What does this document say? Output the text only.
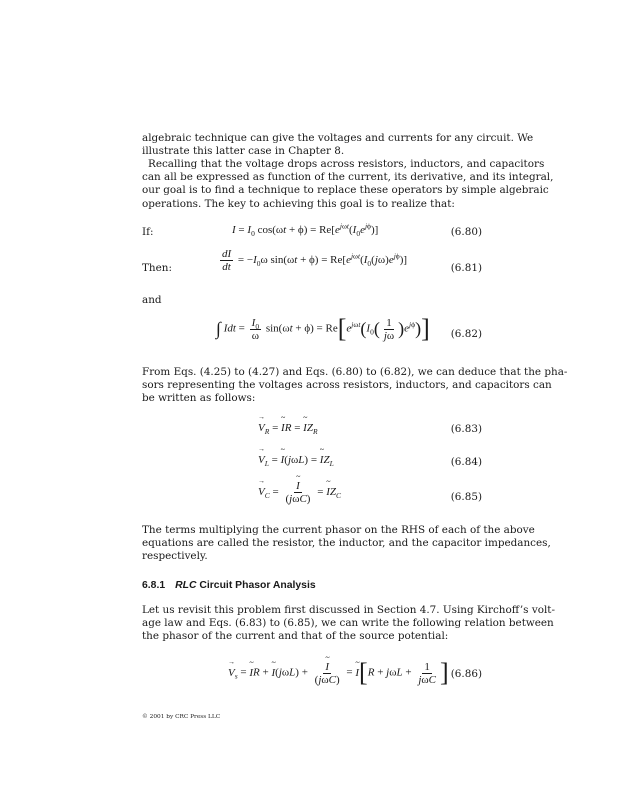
algebraic technique can give the voltages and currents for any circuit. We
illustrate this latter case in Chapter 8.

Recalling that the voltage drops across resistors, inductors, and capacitors
can all be expressed as function of the current, its derivative, and its integral,
our goal is to find a technique to replace these operators by simple algebraic
operations. The key to achieving this goal is to realize that:

If:	$I = I_0$ $\cos(\omega t + \phi) = Re[e^{j\omega t}(I_0e^{j\phi})]$	(6.80)
Then:	$\frac{dI}{dt} = -I_0\omega$ $\sin(\omega t + \phi) = Re[e^{j\omega t}(I_0(j\omega)e^{j\phi})]$
(6.81)
and
∫ Idt = $\frac{I_0}{\omega} \sin(\omega t + \phi) = Re[e^{j\omega t}(I_0( \frac{1}{j\omega} )e^{j\phi})]$ (6.82)

From Eqs. (4.25) to (4.27) and Eqs. (6.80) to (6.82), we can deduce that the pha-
sors representing the voltages across resistors, inductors, and capacitors can
be written as follows:

→ $V_R$ = ~ IR = ~ $IZ_R$	(6.83)
→ $V_L$ = ~ I(jωL) = ~ $IZ_L$	(6.84)
→ $V_C$ = ~ $\frac{I}{\text{(jωC)}}$ = ~ $IZ_C$	(6.85)

The terms multiplying the current phasor on the RHS of each of the above
equations are called the resistor, the inductor, and the capacitor impedances,
respectively.

6.8.1 RLC Circuit Phasor Analysis

Let us revisit this problem first discussed in Section 4.7. Using Kirchoff’s volt-
age law and Eqs. (6.83) to (6.85), we can write the following relation between
the phasor of the current and that of the source potential:

→ $V_s$ = ~ IR + ~ I(jωL) + ~ $\frac{I}{\text{(jωC)}}$ = ~ $I[R + j\omega L + \frac{1}{\text{jωC}}$ ] (6.86)
© 2001 by CRC Press LLC
